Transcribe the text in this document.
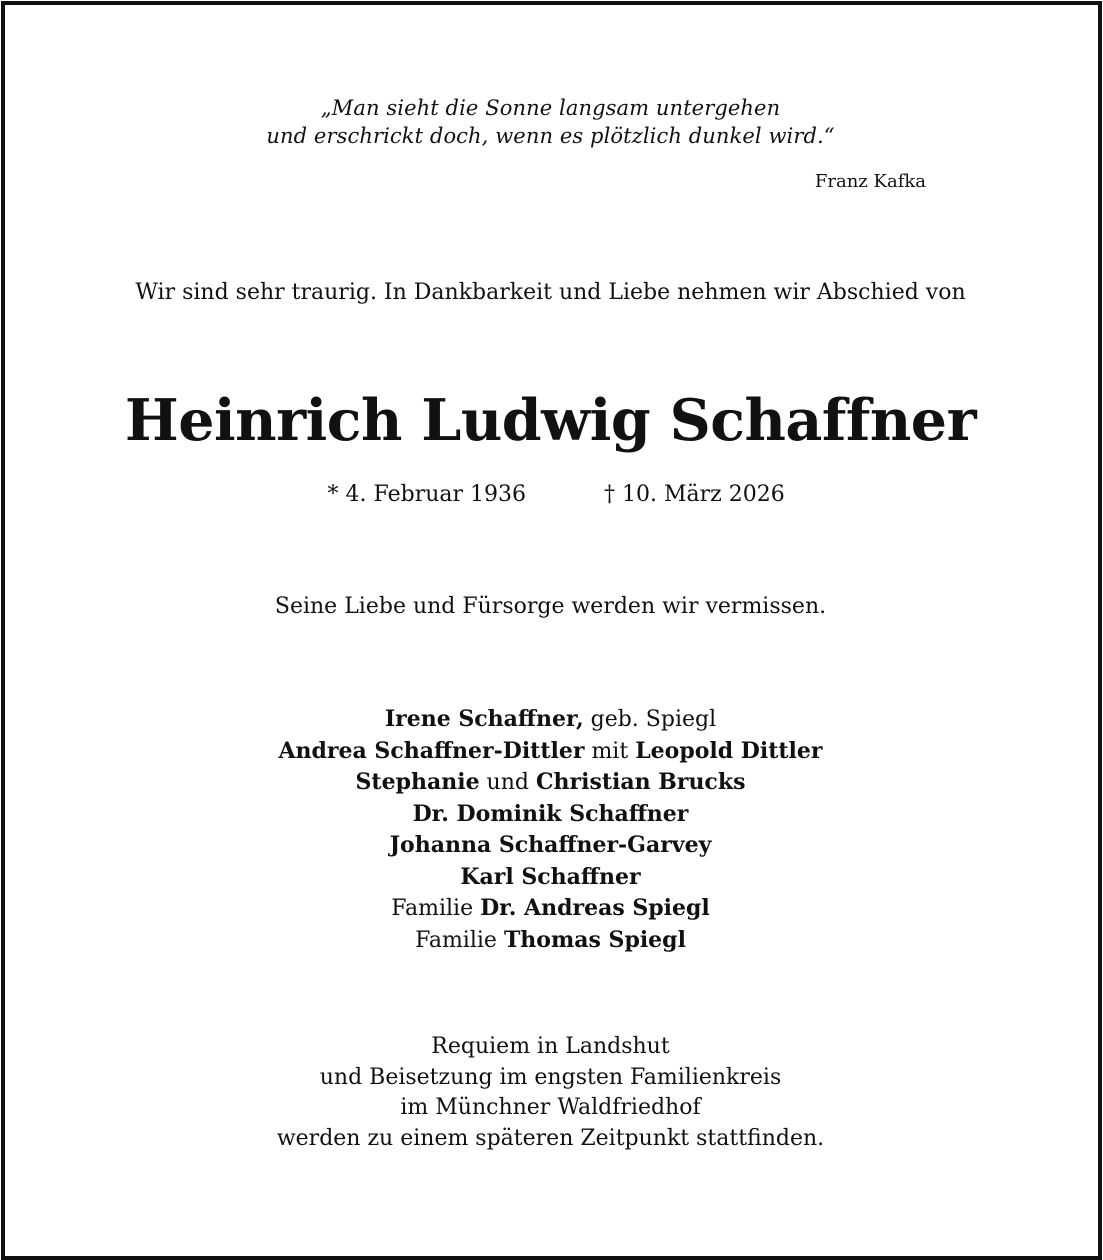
„Man sieht die Sonne langsam untergehen
und erschrickt doch, wenn es plötzlich dunkel wird.“
Franz Kafka
Wir sind sehr traurig. In Dankbarkeit und Liebe nehmen wir Abschied von
Heinrich Ludwig Schaffner
* 4. Februar 1936	† 10. März 2026
Seine Liebe und Fürsorge werden wir vermissen.
Irene Schaffner, geb. Spiegl
Andrea Schaffner-Dittler mit Leopold Dittler
Stephanie und Christian Brucks
Dr. Dominik Schaffner
Johanna Schaffner-Garvey
Karl Schaffner
Familie Dr. Andreas Spiegl
Familie Thomas Spiegl
Requiem in Landshut
und Beisetzung im engsten Familienkreis
im Münchner Waldfriedhof
werden zu einem späteren Zeitpunkt stattfinden.
